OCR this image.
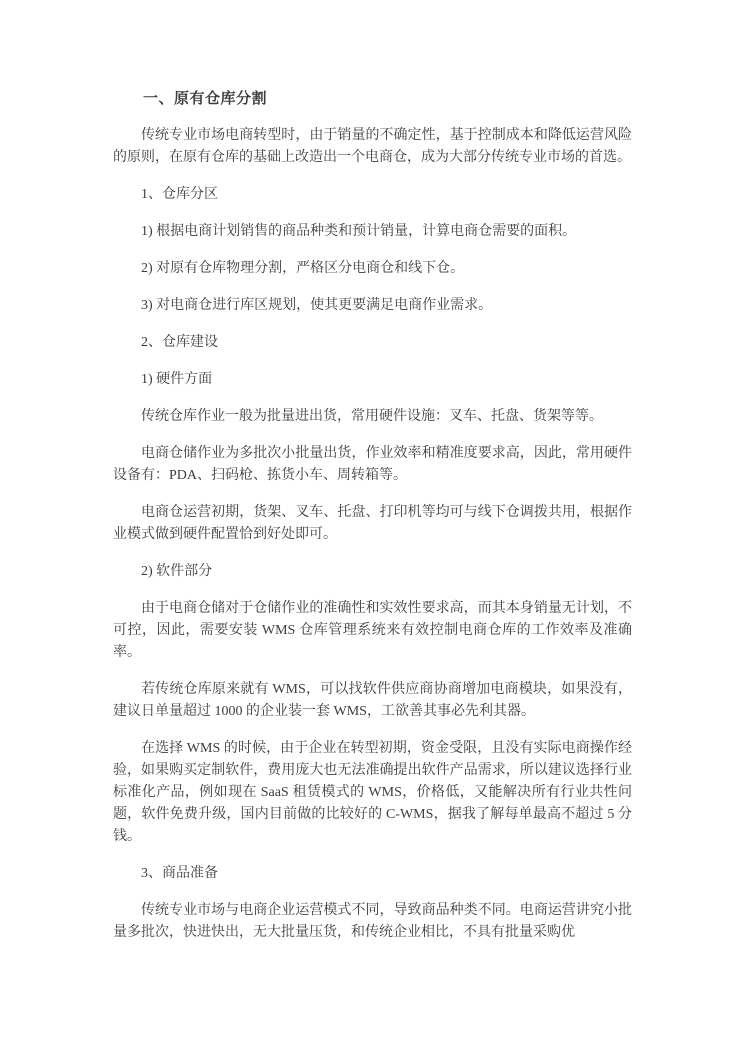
一、原有仓库分割
传统专业市场电商转型时，由于销量的不确定性，基于控制成本和降低运营风险的原则，在原有仓库的基础上改造出一个电商仓，成为大部分传统专业市场的首选。
1、仓库分区
1) 根据电商计划销售的商品种类和预计销量，计算电商仓需要的面积。
2) 对原有仓库物理分割，严格区分电商仓和线下仓。
3) 对电商仓进行库区规划，使其更要满足电商作业需求。
2、仓库建设
1) 硬件方面
传统仓库作业一般为批量进出货，常用硬件设施：叉车、托盘、货架等等。
电商仓储作业为多批次小批量出货，作业效率和精准度要求高，因此，常用硬件设备有：PDA、扫码枪、拣货小车、周转箱等。
电商仓运营初期，货架、叉车、托盘、打印机等均可与线下仓调拨共用，根据作业模式做到硬件配置恰到好处即可。
2) 软件部分
由于电商仓储对于仓储作业的准确性和实效性要求高，而其本身销量无计划，不可控，因此，需要安装 WMS 仓库管理系统来有效控制电商仓库的工作效率及准确率。
若传统仓库原来就有 WMS，可以找软件供应商协商增加电商模块，如果没有，建议日单量超过 1000 的企业装一套 WMS，工欲善其事必先利其器。
在选择 WMS 的时候，由于企业在转型初期，资金受限，且没有实际电商操作经验，如果购买定制软件，费用庞大也无法准确提出软件产品需求，所以建议选择行业标准化产品，例如现在 SaaS 租赁模式的 WMS，价格低，又能解决所有行业共性问题，软件免费升级，国内目前做的比较好的 C-WMS，据我了解每单最高不超过 5 分钱。
3、商品准备
传统专业市场与电商企业运营模式不同，导致商品种类不同。电商运营讲究小批量多批次，快进快出，无大批量压货，和传统企业相比，不具有批量采购优
